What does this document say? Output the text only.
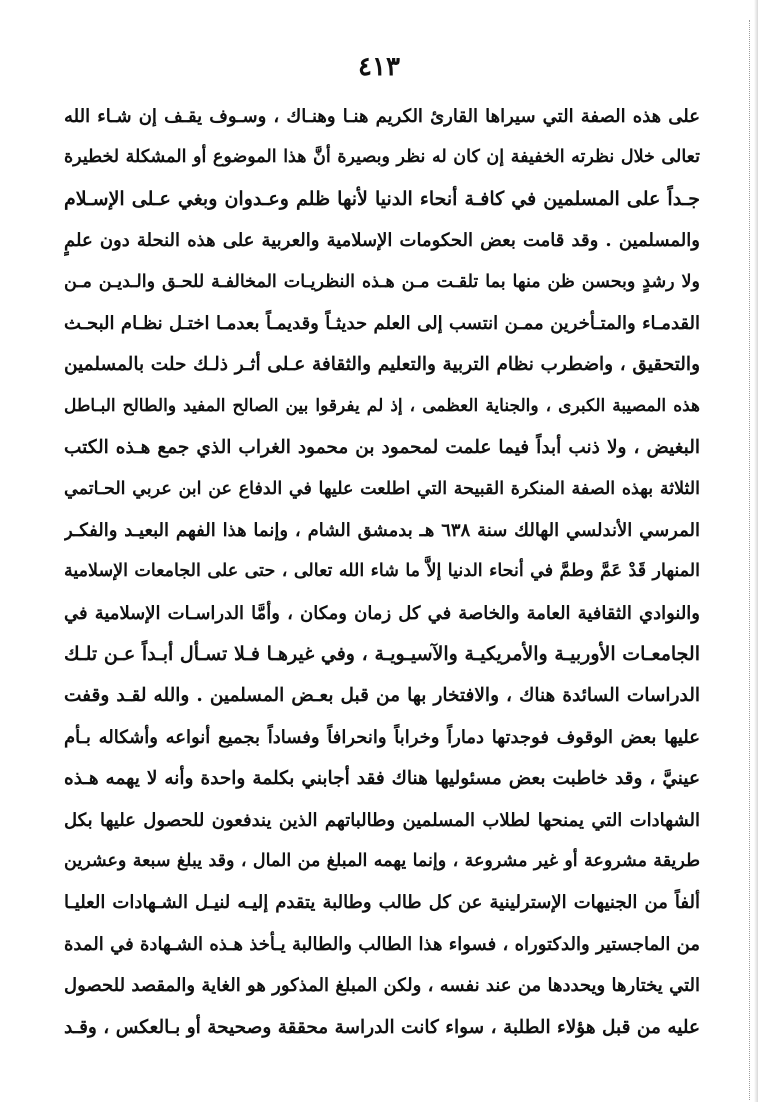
٤١٣
على هذه الصفة التي سيراها القارئ الكريم هنـا وهنـاك ، وسـوف يقـف إن شـاء الله
تعالى خلال نظرته الخفيفة إن كان له نظر وبصيرة أنَّ هذا الموضوع أو المشكلة لخطيرة
جـداً على المسلمين في كافـة أنحاء الدنيا لأنها ظلم وعـدوان وبغي عـلى الإسـلام
والمسلمين . وقد قامت بعض الحكومات الإسلامية والعربية على هذه النحلة دون علمٍ
ولا رشدٍ وبحسن ظن منها بما تلقـت مـن هـذه النظريـات المخالفـة للحـق والـديـن مـن
القدمـاء والمتـأخرين ممـن انتسب إلى العلم حديثـاً وقديمـاً بعدمـا اختـل نظـام البحـث
والتحقيق ، واضطرب نظام التربية والتعليم والثقافة عـلى أثـر ذلـك حلت بالمسلمين
هذه المصيبة الكبرى ، والجناية العظمى ، إذ لم يفرقوا بين الصالح المفيد والطالح البـاطل
البغيض ، ولا ذنب أبداً فيما علمت لمحمود بن محمود الغراب الذي جمع هـذه الكتب
الثلاثة بهذه الصفة المنكرة القبيحة التي اطلعت عليها في الدفاع عن ابن عربي الحـاتمي
المرسي الأندلسي الهالك سنة ٦٣٨ هـ بدمشق الشام ، وإنما هذا الفهم البعيـد والفكـر
المنهار قَدْ عَمَّ وطمَّ في أنحاء الدنيا إلاَّ ما شاء الله تعالى ، حتى على الجامعات الإسلامية
والنوادي الثقافية العامة والخاصة في كل زمان ومكان ، وأمَّا الدراسـات الإسلامية في
الجامعـات الأوربيـة والأمريكيـة والآسيـويـة ، وفي غيرهـا فـلا تسـأل أبـداً عـن تلـك
الدراسات السائدة هناك ، والافتخار بها من قبل بعـض المسلمين . والله لقـد وقفت
عليها بعض الوقوف فوجدتها دماراً وخراباً وانحرافاً وفساداً بجميع أنواعه وأشكاله بـأم
عينيَّ ، وقد خاطبت بعض مسئوليها هناك فقد أجابني بكلمة واحدة وأنه لا يهمه هـذه
الشهادات التي يمنحها لطلاب المسلمين وطالباتهم الذين يندفعون للحصول عليها بكل
طريقة مشروعة أو غير مشروعة ، وإنما يهمه المبلغ من المال ، وقد يبلغ سبعة وعشرين
ألفاً من الجنيهات الإسترلينية عن كل طالب وطالبة يتقدم إليـه لنيـل الشـهادات العليـا
من الماجستير والدكتوراه ، فسواء هذا الطالب والطالبة يـأخذ هـذه الشـهادة في المدة
التي يختارها ويحددها من عند نفسه ، ولكن المبلغ المذكور هو الغاية والمقصد للحصول
عليه من قبل هؤلاء الطلبة ، سواء كانت الدراسة محققة وصحيحة أو بـالعكس ، وقـد
